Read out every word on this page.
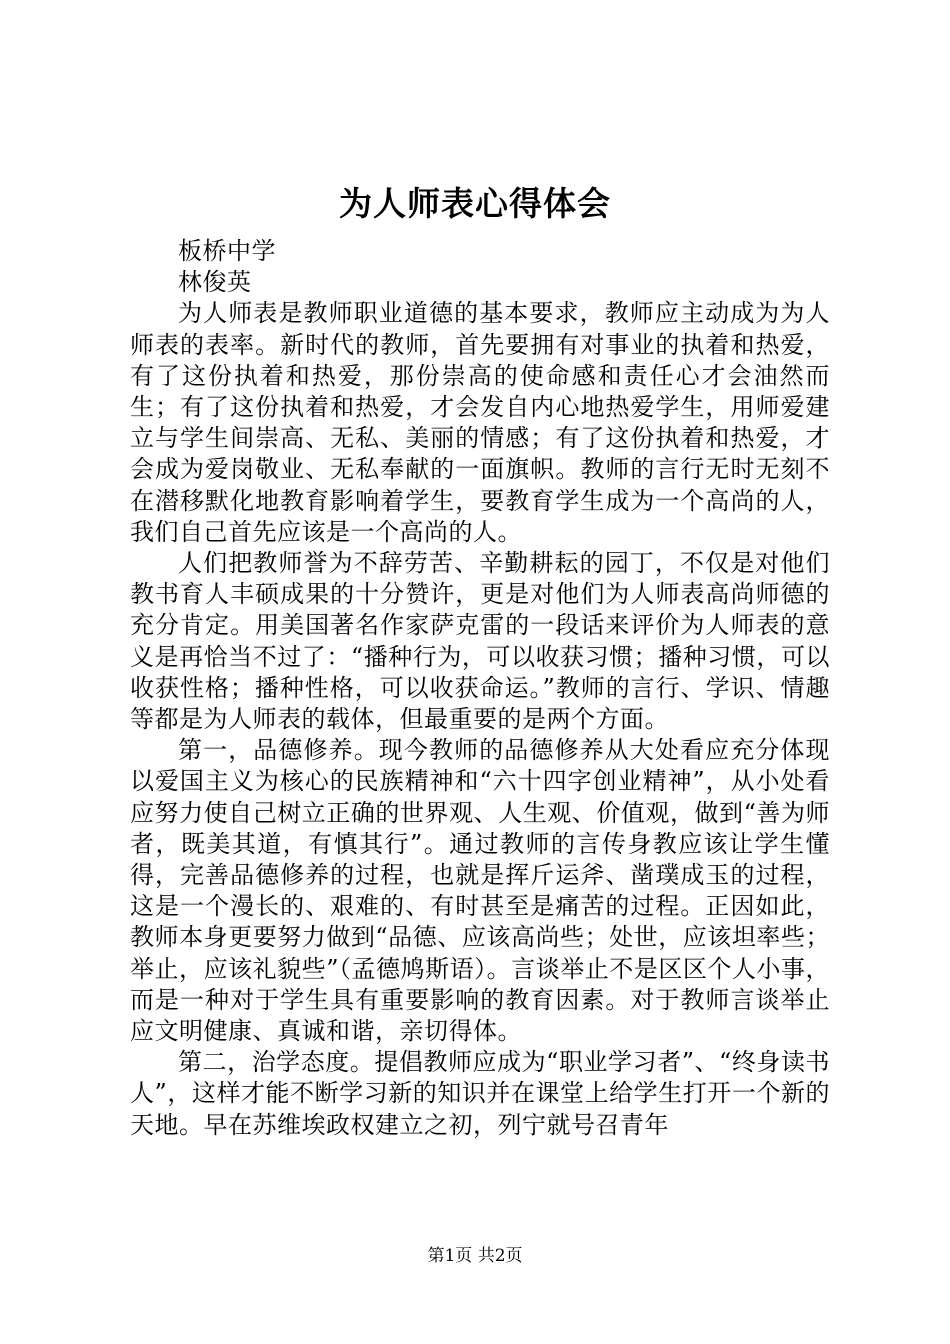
为人师表心得体会

板桥中学

林俊英

为人师表是教师职业道德的基本要求，教师应主动成为为人师表的表率。新时代的教师，首先要拥有对事业的执着和热爱，有了这份执着和热爱，那份崇高的使命感和责任心才会油然而生；有了这份执着和热爱，才会发自内心地热爱学生，用师爱建立与学生间崇高、无私、美丽的情感；有了这份执着和热爱，才会成为爱岗敬业、无私奉献的一面旗帜。教师的言行无时无刻不在潜移默化地教育影响着学生，要教育学生成为一个高尚的人，我们自己首先应该是一个高尚的人。

人们把教师誉为不辞劳苦、辛勤耕耘的园丁，不仅是对他们教书育人丰硕成果的十分赞许，更是对他们为人师表高尚师德的充分肯定。用美国著名作家萨克雷的一段话来评价为人师表的意义是再恰当不过了：“播种行为，可以收获习惯；播种习惯，可以收获性格；播种性格，可以收获命运。”教师的言行、学识、情趣等都是为人师表的载体，但最重要的是两个方面。

第一，品德修养。现今教师的品德修养从大处看应充分体现以爱国主义为核心的民族精神和“六十四字创业精神”，从小处看应努力使自己树立正确的世界观、人生观、价值观，做到“善为师者，既美其道，有慎其行”。通过教师的言传身教应该让学生懂得，完善品德修养的过程，也就是挥斤运斧、凿璞成玉的过程，这是一个漫长的、艰难的、有时甚至是痛苦的过程。正因如此，教师本身更要努力做到“品德、应该高尚些；处世，应该坦率些；举止，应该礼貌些”（孟德鸠斯语）。言谈举止不是区区个人小事，而是一种对于学生具有重要影响的教育因素。对于教师言谈举止应文明健康、真诚和谐，亲切得体。

第二，治学态度。提倡教师应成为“职业学习者”、“终身读书人”，这样才能不断学习新的知识并在课堂上给学生打开一个新的天地。早在苏维埃政权建立之初，列宁就号召青年

第1页 共2页
